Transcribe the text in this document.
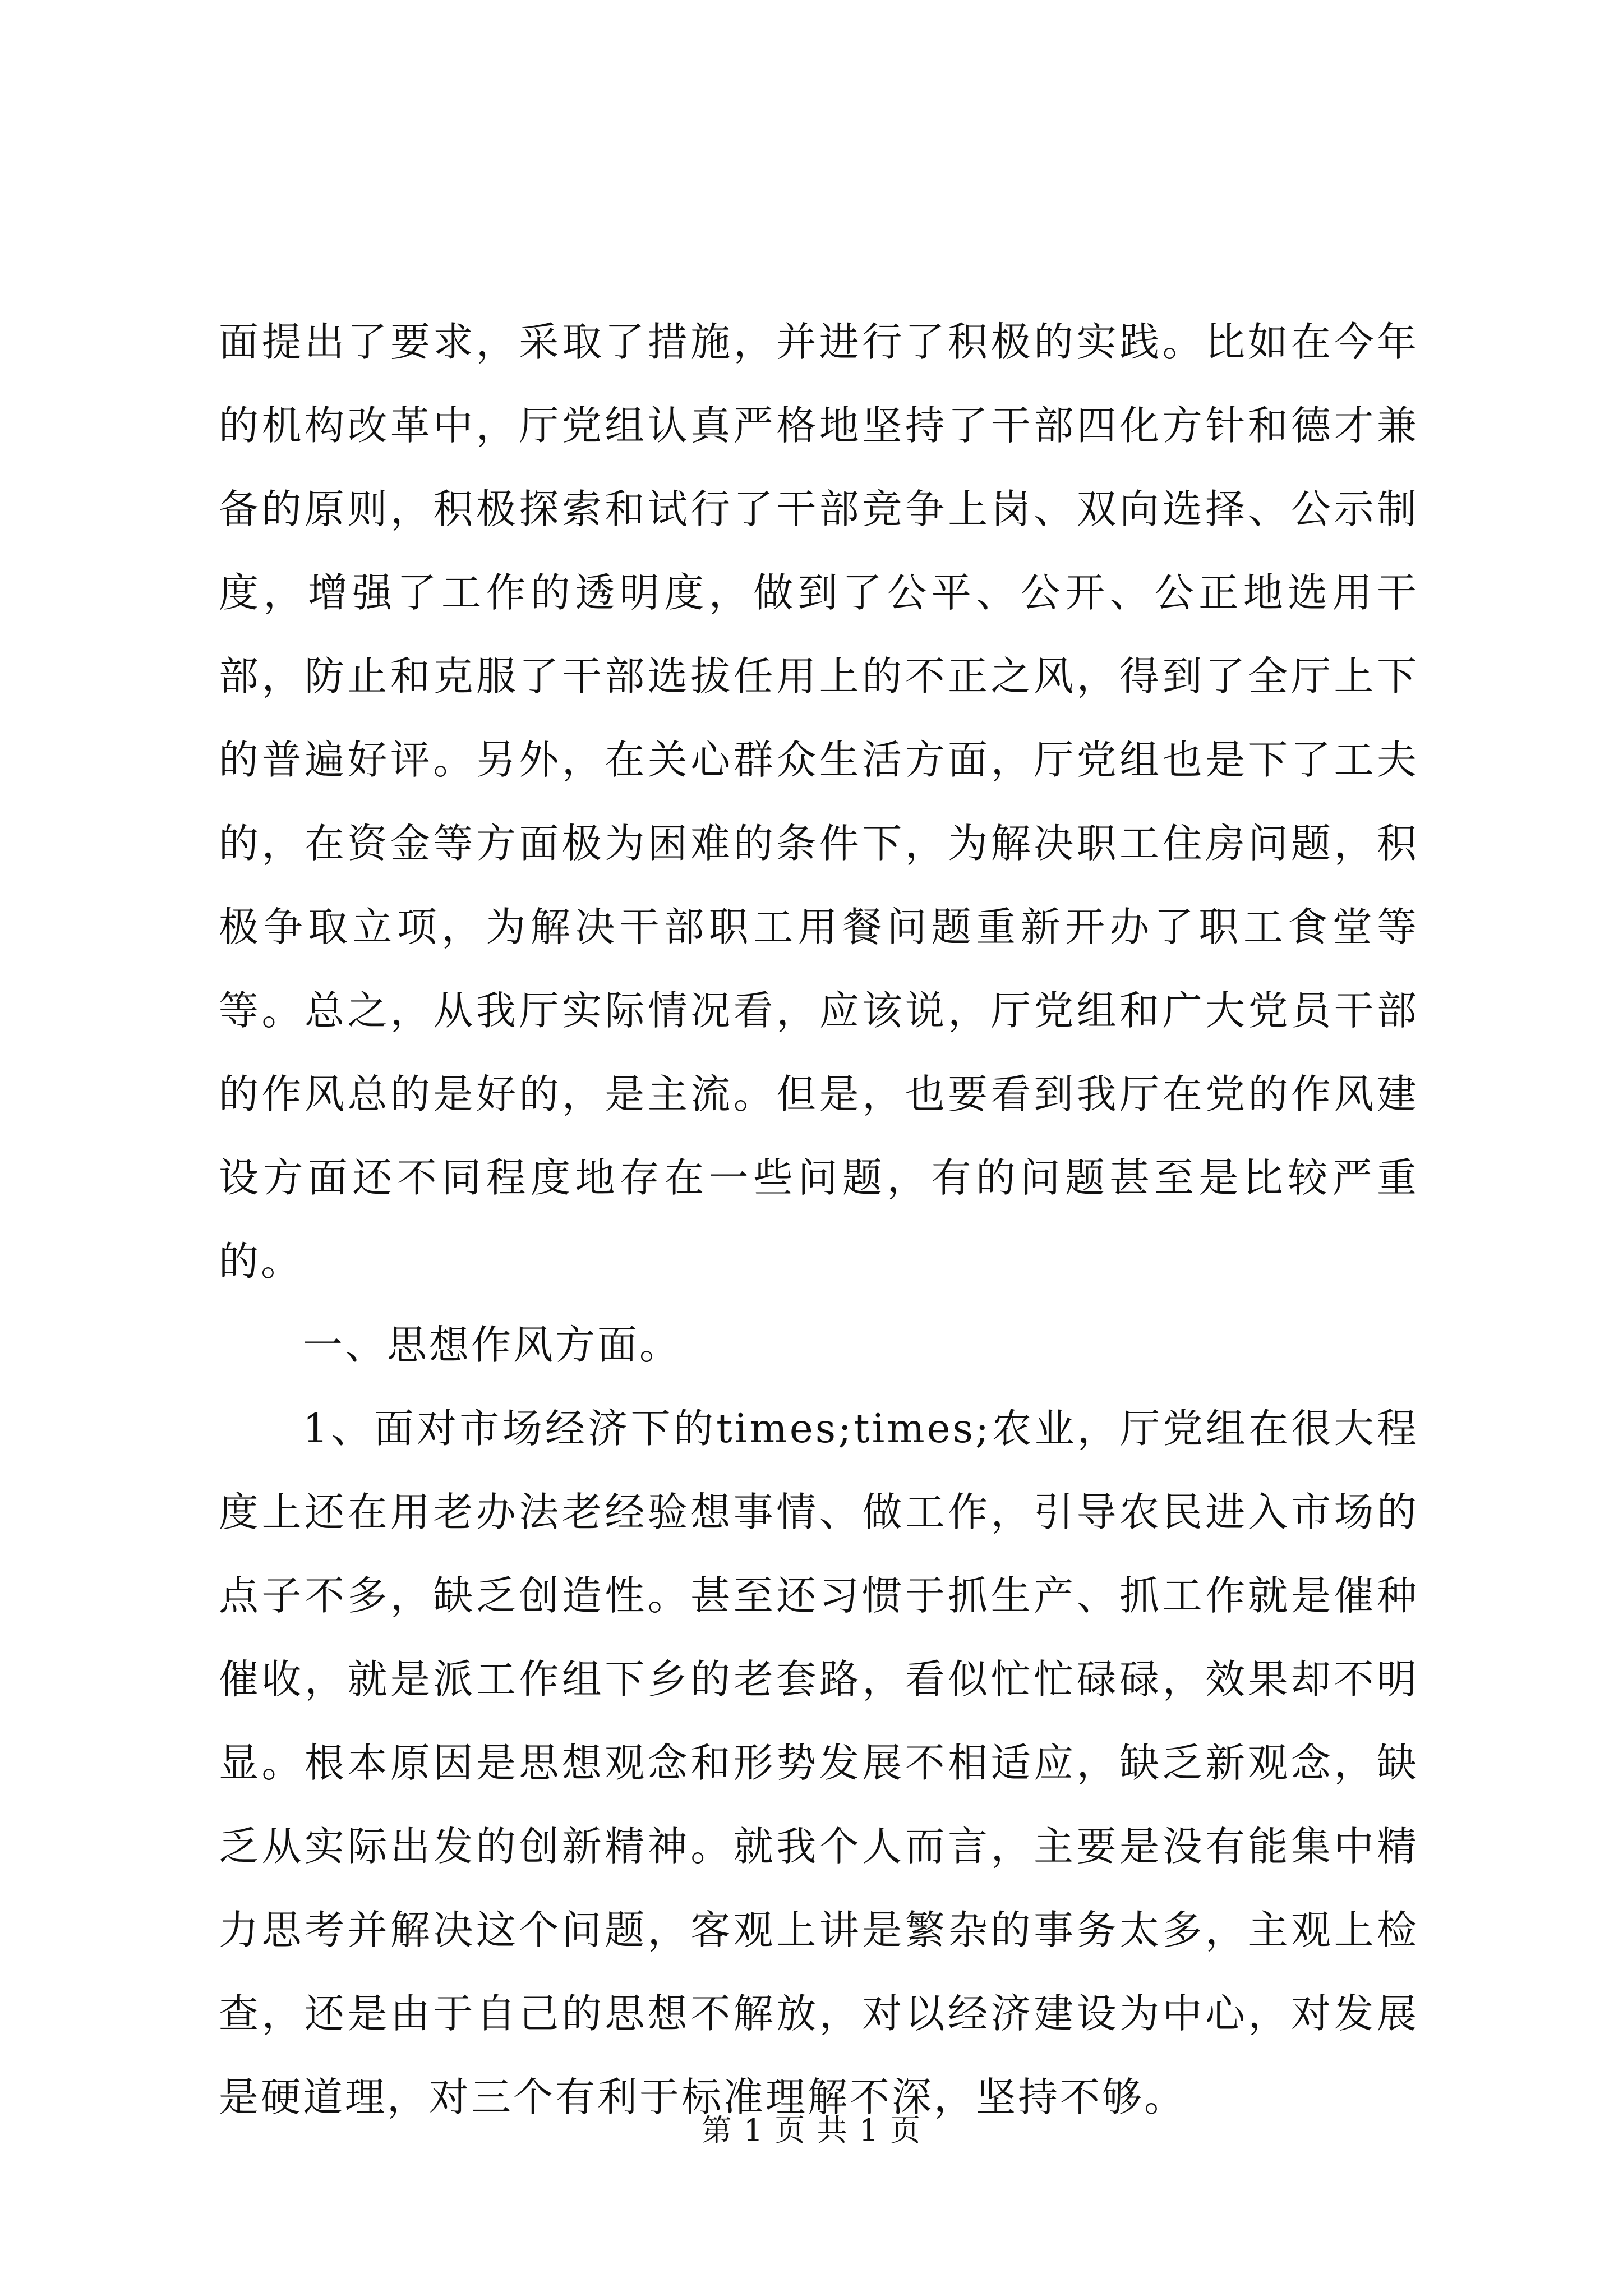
面提出了要求，采取了措施，并进行了积极的实践。比如在今年的机构改革中，厅党组认真严格地坚持了干部四化方针和德才兼备的原则，积极探索和试行了干部竞争上岗、双向选择、公示制度，增强了工作的透明度，做到了公平、公开、公正地选用干部，防止和克服了干部选拔任用上的不正之风，得到了全厅上下的普遍好评。另外，在关心群众生活方面，厅党组也是下了工夫的，在资金等方面极为困难的条件下，为解决职工住房问题，积极争取立项，为解决干部职工用餐问题重新开办了职工食堂等等。总之，从我厅实际情况看，应该说，厅党组和广大党员干部的作风总的是好的，是主流。但是，也要看到我厅在党的作风建设方面还不同程度地存在一些问题，有的问题甚至是比较严重的。

一、思想作风方面。

1、面对市场经济下的times;times;农业，厅党组在很大程度上还在用老办法老经验想事情、做工作，引导农民进入市场的点子不多，缺乏创造性。甚至还习惯于抓生产、抓工作就是催种催收，就是派工作组下乡的老套路，看似忙忙碌碌，效果却不明显。根本原因是思想观念和形势发展不相适应，缺乏新观念，缺乏从实际出发的创新精神。就我个人而言，主要是没有能集中精力思考并解决这个问题，客观上讲是繁杂的事务太多，主观上检查，还是由于自己的思想不解放，对以经济建设为中心，对发展是硬道理，对三个有利于标准理解不深，坚持不够。

第 1 页 共 1 页
